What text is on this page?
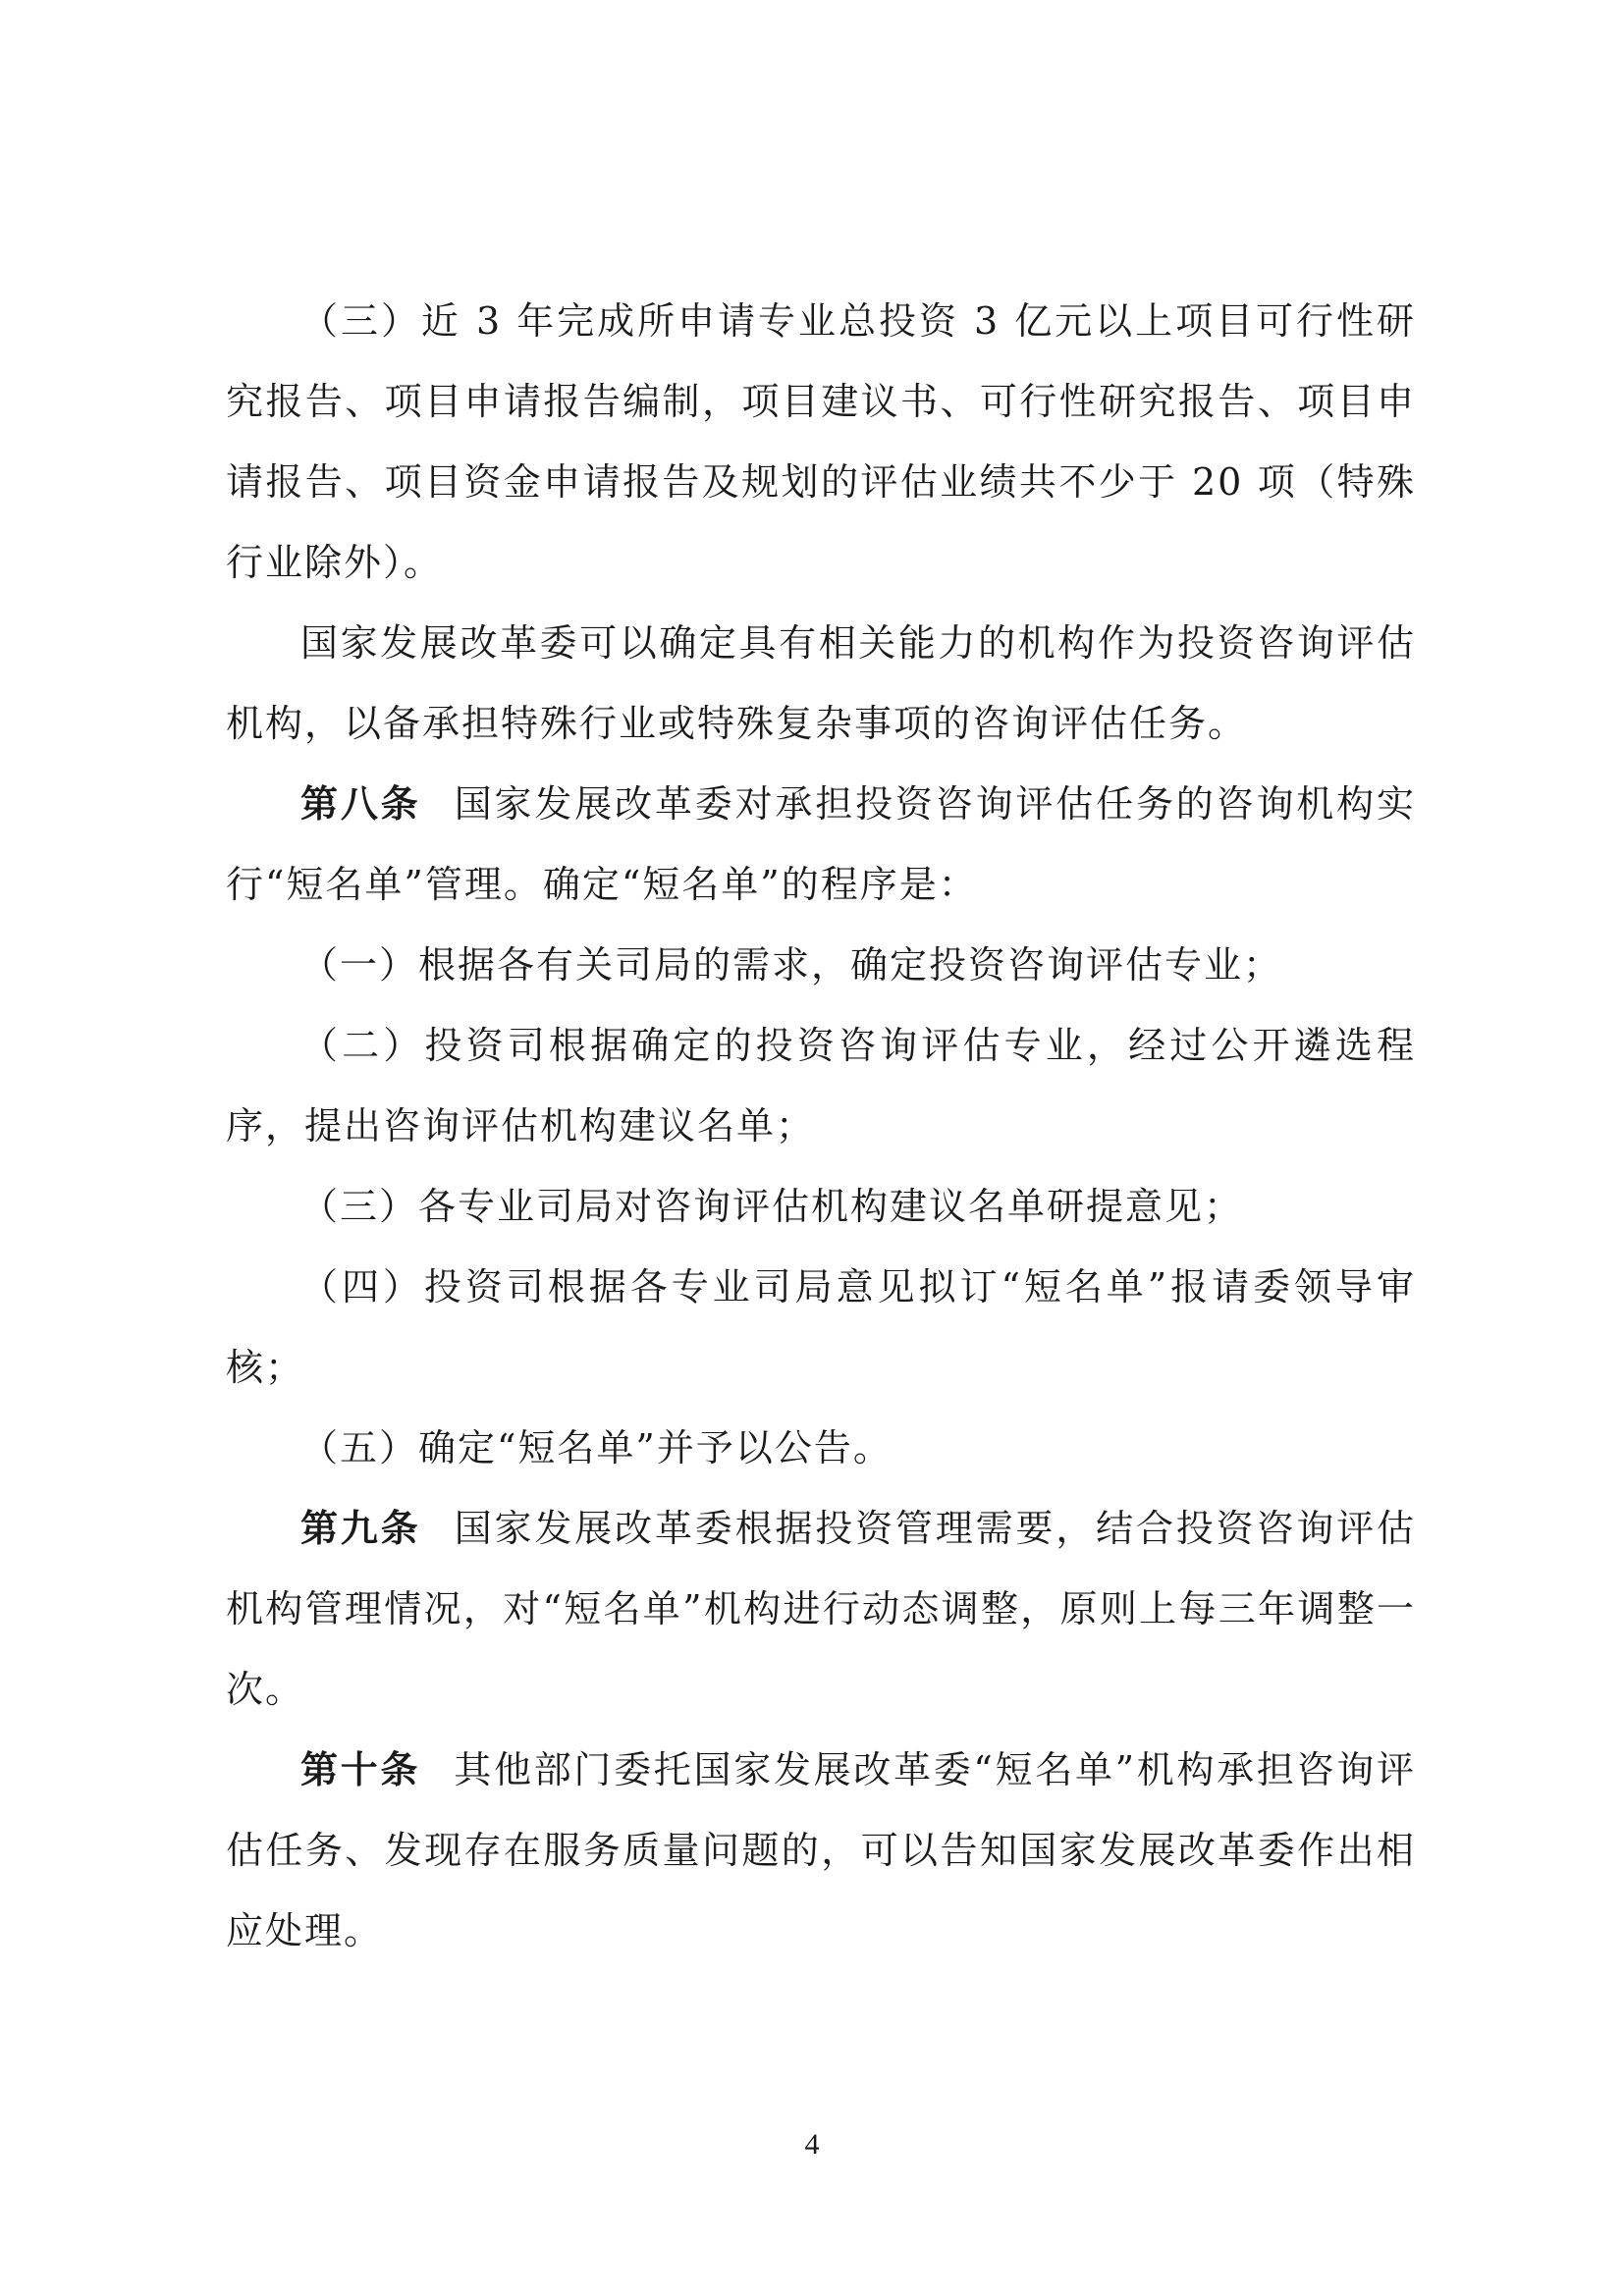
（三）近 3 年完成所申请专业总投资 3 亿元以上项目可行性研究报告、项目申请报告编制，项目建议书、可行性研究报告、项目申请报告、项目资金申请报告及规划的评估业绩共不少于 20 项（特殊行业除外）。

国家发展改革委可以确定具有相关能力的机构作为投资咨询评估机构，以备承担特殊行业或特殊复杂事项的咨询评估任务。

第八条 国家发展改革委对承担投资咨询评估任务的咨询机构实行“短名单”管理。确定“短名单”的程序是：

（一）根据各有关司局的需求，确定投资咨询评估专业；

（二）投资司根据确定的投资咨询评估专业，经过公开遴选程序，提出咨询评估机构建议名单；

（三）各专业司局对咨询评估机构建议名单研提意见；

（四）投资司根据各专业司局意见拟订“短名单”报请委领导审核；

（五）确定“短名单”并予以公告。

第九条 国家发展改革委根据投资管理需要，结合投资咨询评估机构管理情况，对“短名单”机构进行动态调整，原则上每三年调整一次。

第十条 其他部门委托国家发展改革委“短名单”机构承担咨询评估任务、发现存在服务质量问题的，可以告知国家发展改革委作出相应处理。

4
